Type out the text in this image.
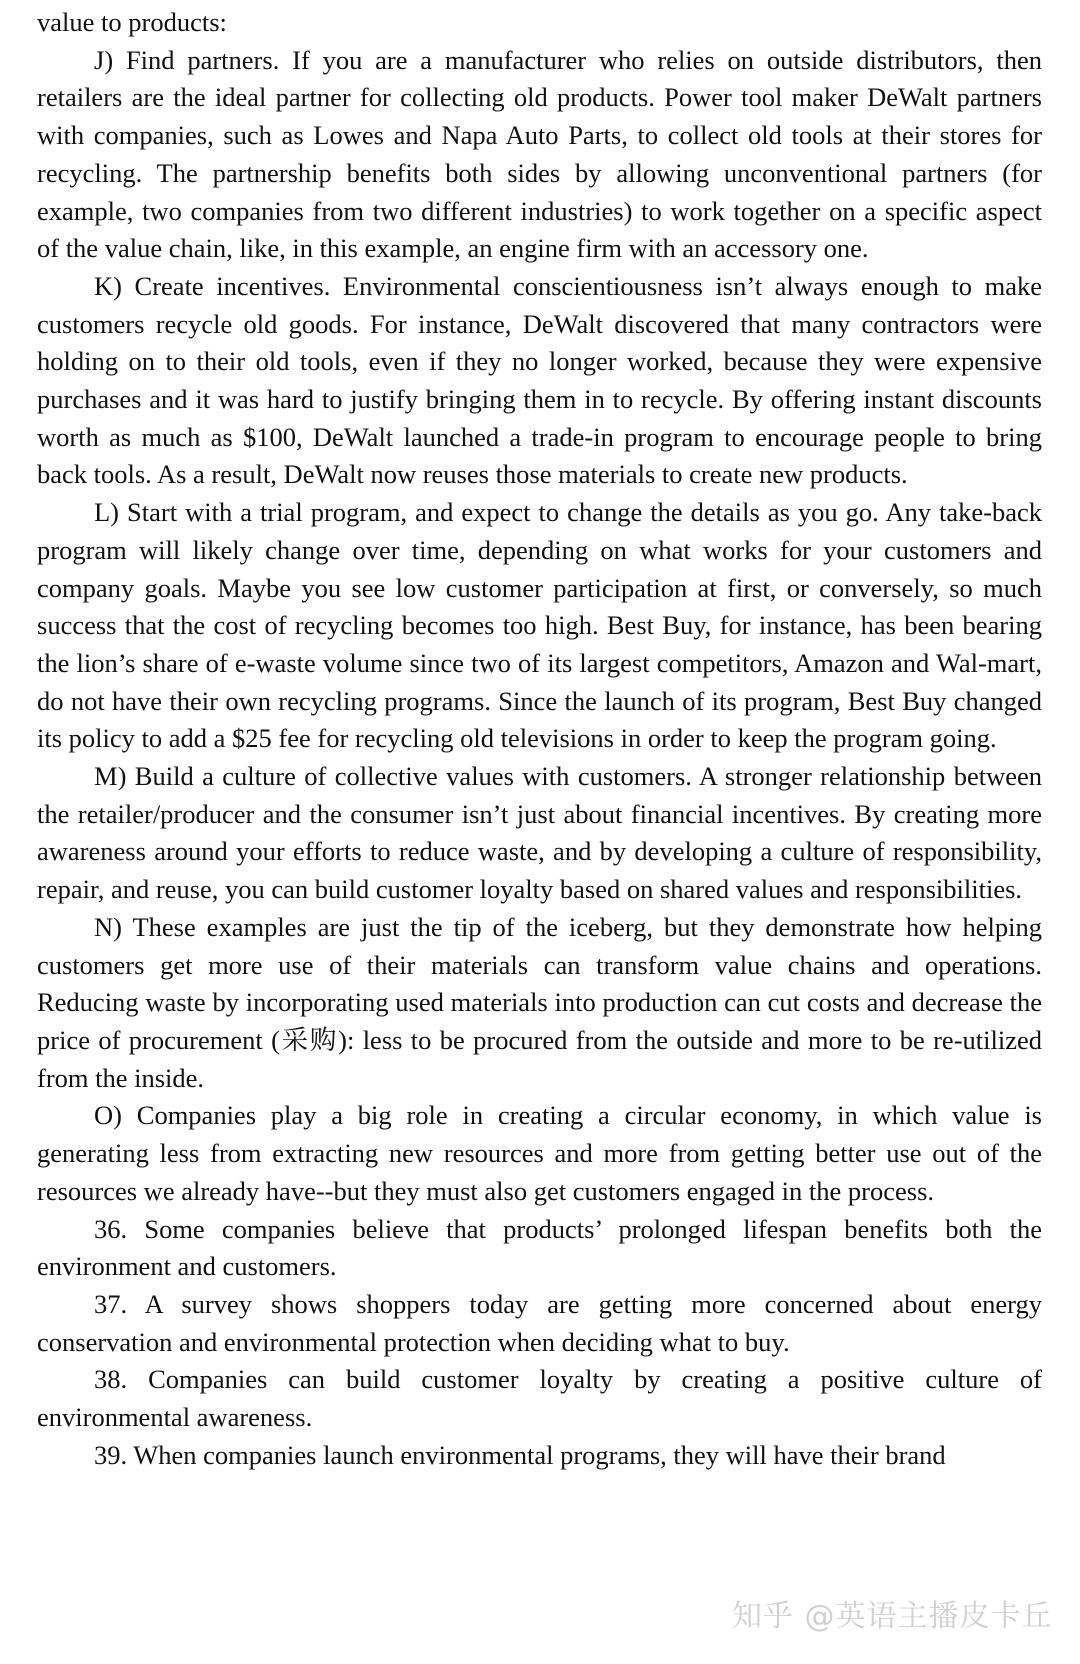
value to products:

J) Find partners. If you are a manufacturer who relies on outside distributors, then retailers are the ideal partner for collecting old products. Power tool maker DeWalt partners with companies, such as Lowes and Napa Auto Parts, to collect old tools at their stores for recycling. The partnership benefits both sides by allowing unconventional partners (for example, two companies from two different industries) to work together on a specific aspect of the value chain, like, in this example, an engine firm with an accessory one.

K) Create incentives. Environmental conscientiousness isn’t always enough to make customers recycle old goods. For instance, DeWalt discovered that many contractors were holding on to their old tools, even if they no longer worked, because they were expensive purchases and it was hard to justify bringing them in to recycle. By offering instant discounts worth as much as $100, DeWalt launched a trade-in program to encourage people to bring back tools. As a result, DeWalt now reuses those materials to create new products.

L) Start with a trial program, and expect to change the details as you go. Any take-back program will likely change over time, depending on what works for your customers and company goals. Maybe you see low customer participation at first, or conversely, so much success that the cost of recycling becomes too high. Best Buy, for instance, has been bearing the lion’s share of e-waste volume since two of its largest competitors, Amazon and Wal-mart, do not have their own recycling programs. Since the launch of its program, Best Buy changed its policy to add a $25 fee for recycling old televisions in order to keep the program going.

M) Build a culture of collective values with customers. A stronger relationship between the retailer/producer and the consumer isn’t just about financial incentives. By creating more awareness around your efforts to reduce waste, and by developing a culture of responsibility, repair, and reuse, you can build customer loyalty based on shared values and responsibilities.

N) These examples are just the tip of the iceberg, but they demonstrate how helping customers get more use of their materials can transform value chains and operations. Reducing waste by incorporating used materials into production can cut costs and decrease the price of procurement (采购): less to be procured from the outside and more to be re-utilized from the inside.

O) Companies play a big role in creating a circular economy, in which value is generating less from extracting new resources and more from getting better use out of the resources we already have--but they must also get customers engaged in the process.

36. Some companies believe that products’ prolonged lifespan benefits both the environment and customers.

37. A survey shows shoppers today are getting more concerned about energy conservation and environmental protection when deciding what to buy.

38. Companies can build customer loyalty by creating a positive culture of environmental awareness.

39. When companies launch environmental programs, they will have their brand

知乎 @英语主播皮卡丘
